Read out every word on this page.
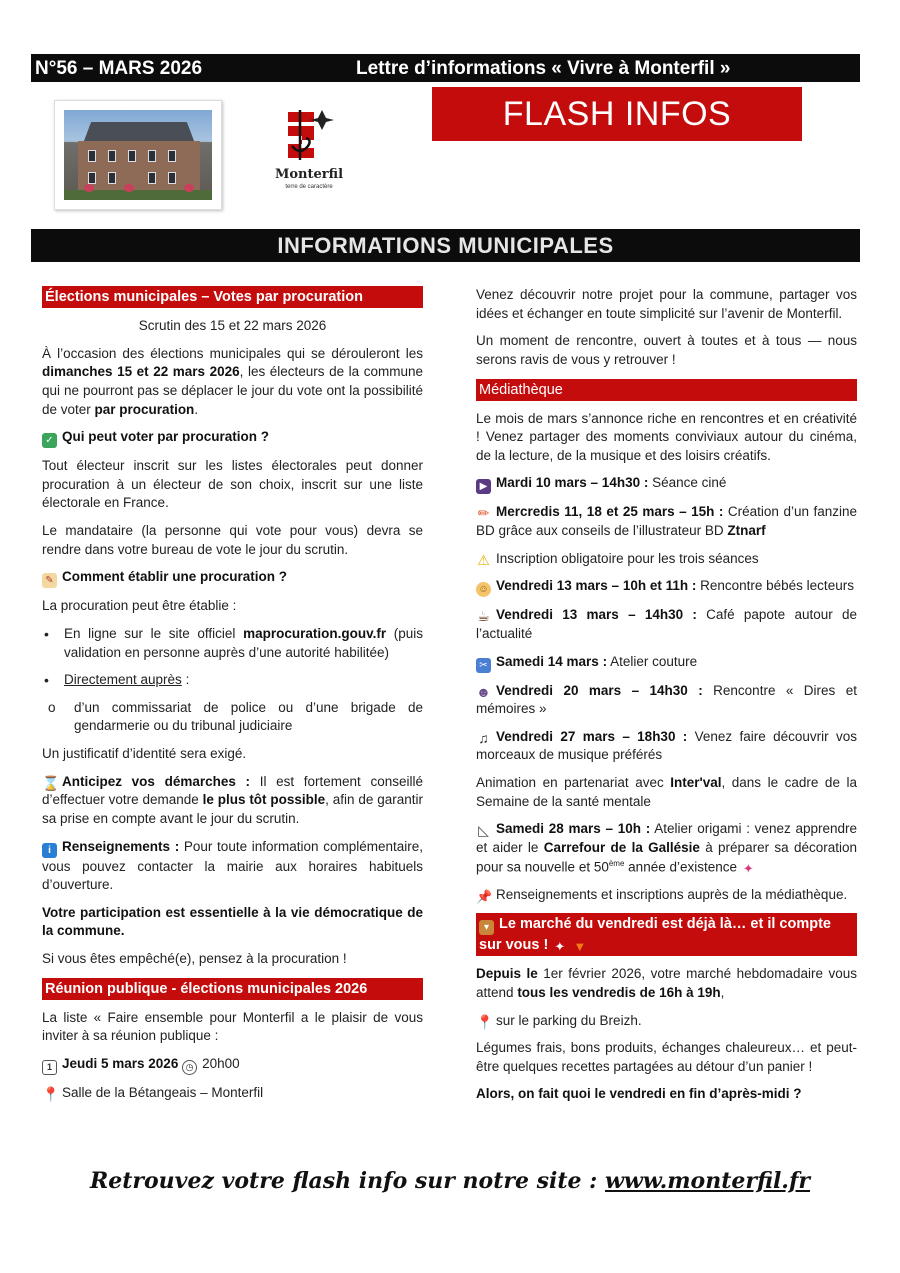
N°56 – MARS 2026	Lettre d’informations « Vivre à Monterfil »
Monterfil
terre de caractère
FLASH INFOS
INFORMATIONS MUNICIPALES
Élections municipales – Votes par procuration

Scrutin des 15 et 22 mars 2026

À l’occasion des élections municipales qui se dérouleront les dimanches 15 et 22 mars 2026, les électeurs de la commune qui ne pourront pas se déplacer le jour du vote ont la possibilité de voter par procuration.

✓ Qui peut voter par procuration ?

Tout électeur inscrit sur les listes électorales peut donner procuration à un électeur de son choix, inscrit sur une liste électorale en France.

Le mandataire (la personne qui vote pour vous) devra se rendre dans votre bureau de vote le jour du scrutin.

✎ Comment établir une procuration ?

La procuration peut être établie :

• En ligne sur le site officiel maprocuration.gouv.fr (puis validation en personne auprès d’une autorité habilitée)
• Directement auprès :
o d’un commissariat de police ou d’une brigade de gendarmerie ou du tribunal judiciaire

Un justificatif d’identité sera exigé.

⌛ Anticipez vos démarches : Il est fortement conseillé d’effectuer votre demande le plus tôt possible, afin de garantir sa prise en compte avant le jour du scrutin.

i Renseignements : Pour toute information complémentaire, vous pouvez contacter la mairie aux horaires habituels d’ouverture.

Votre participation est essentielle à la vie démocratique de la commune.

Si vous êtes empêché(e), pensez à la procuration !

Réunion publique - élections municipales 2026

La liste « Faire ensemble pour Monterfil a le plaisir de vous inviter à sa réunion publique :

1 Jeudi 5 mars 2026 ◷ 20h00

📍 Salle de la Bétangeais – Monterfil

Venez découvrir notre projet pour la commune, partager vos idées et échanger en toute simplicité sur l’avenir de Monterfil.

Un moment de rencontre, ouvert à toutes et à tous — nous serons ravis de vous y retrouver !

Médiathèque

Le mois de mars s’annonce riche en rencontres et en créativité ! Venez partager des moments conviviaux autour du cinéma, de la lecture, de la musique et des loisirs créatifs.

▶ Mardi 10 mars – 14h30 : Séance ciné

✏ Mercredis 11, 18 et 25 mars – 15h : Création d’un fanzine BD grâce aux conseils de l’illustrateur BD Ztnarf

⚠ Inscription obligatoire pour les trois séances

☺ Vendredi 13 mars – 10h et 11h : Rencontre bébés lecteurs

☕ Vendredi 13 mars – 14h30 : Café papote autour de l’actualité

✂ Samedi 14 mars : Atelier couture

☻ Vendredi 20 mars – 14h30 : Rencontre « Dires et mémoires »

♫ Vendredi 27 mars – 18h30 : Venez faire découvrir vos morceaux de musique préférés

Animation en partenariat avec Inter'val, dans le cadre de la Semaine de la santé mentale

◺ Samedi 28 mars – 10h : Atelier origami : venez apprendre et aider le Carrefour de la Gallésie à préparer sa décoration pour sa nouvelle et 50ème année d’existence ✦

📌 Renseignements et inscriptions auprès de la médiathèque.

▾ Le marché du vendredi est déjà là… et il compte sur vous ! ✦ ▼

Depuis le 1er février 2026, votre marché hebdomadaire vous attend tous les vendredis de 16h à 19h,

📍 sur le parking du Breizh.

Légumes frais, bons produits, échanges chaleureux… et peut-être quelques recettes partagées au détour d’un panier !

Alors, on fait quoi le vendredi en fin d’après-midi ?

Retrouvez votre flash info sur notre site : www.monterfil.fr
